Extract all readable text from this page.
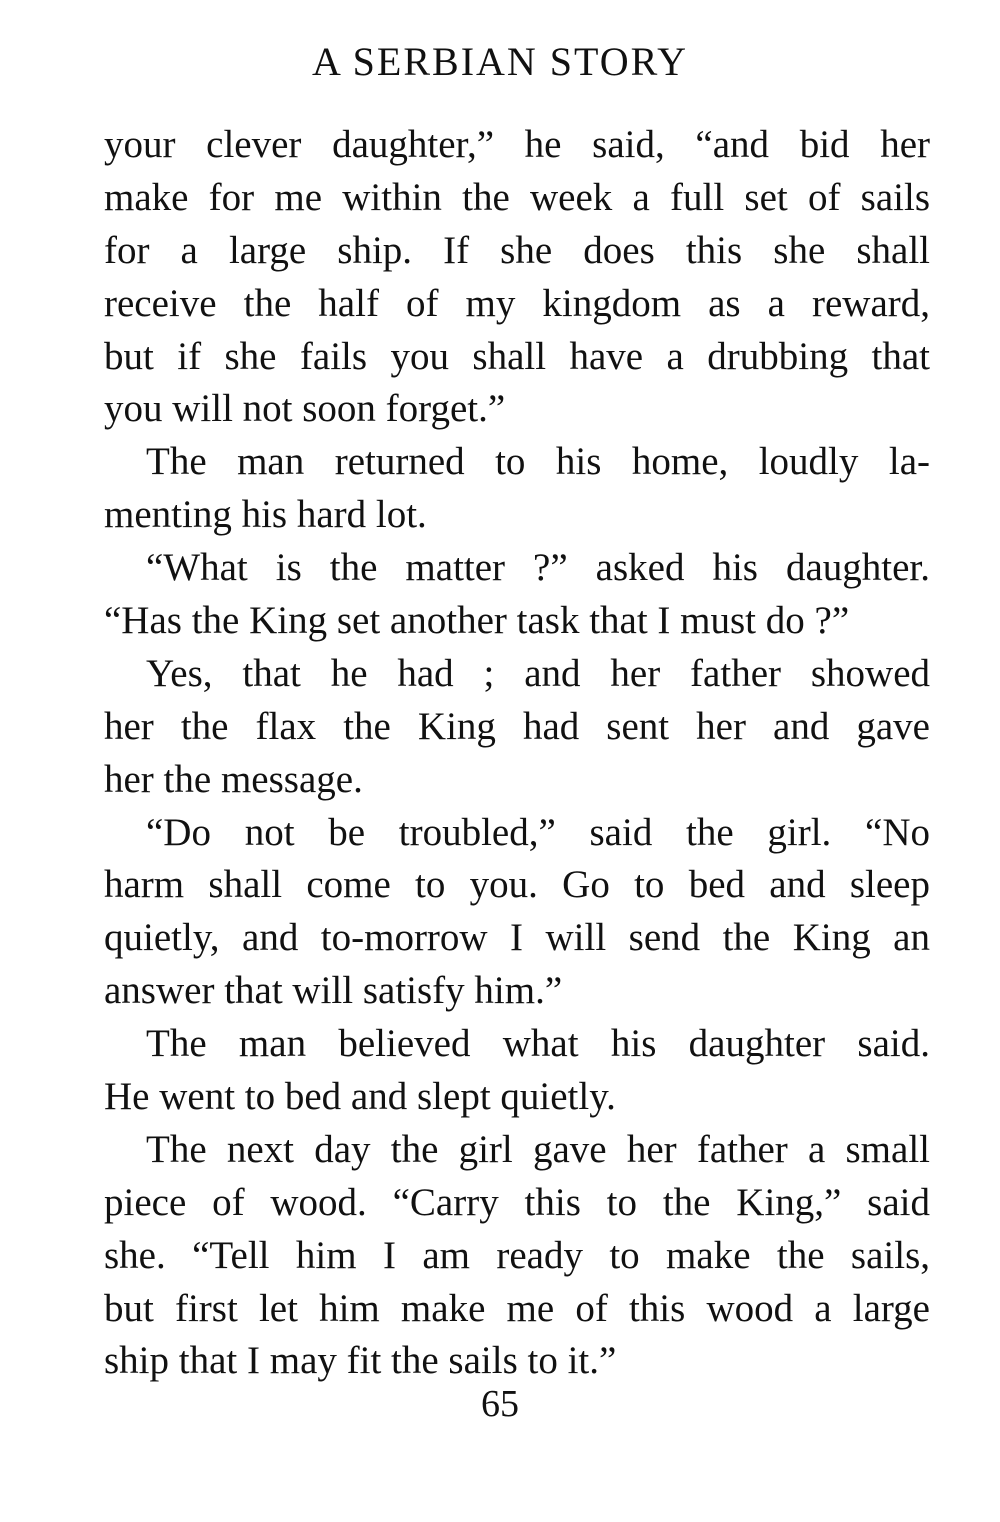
A SERBIAN STORY
your clever daughter,” he said, “and bid her
make for me within the week a full set of sails
for a large ship. If she does this she shall
receive the half of my kingdom as a reward,
but if she fails you shall have a drubbing that
you will not soon forget.”
The man returned to his home, loudly la-
menting his hard lot.
“What is the matter ?” asked his daughter.
“Has the King set another task that I must do ?”
Yes, that he had ; and her father showed
her the flax the King had sent her and gave
her the message.
“Do not be troubled,” said the girl. “No
harm shall come to you. Go to bed and sleep
quietly, and to-morrow I will send the King an
answer that will satisfy him.”
The man believed what his daughter said.
He went to bed and slept quietly.
The next day the girl gave her father a small
piece of wood. “Carry this to the King,” said
she. “Tell him I am ready to make the sails,
but first let him make me of this wood a large
ship that I may fit the sails to it.”
65
